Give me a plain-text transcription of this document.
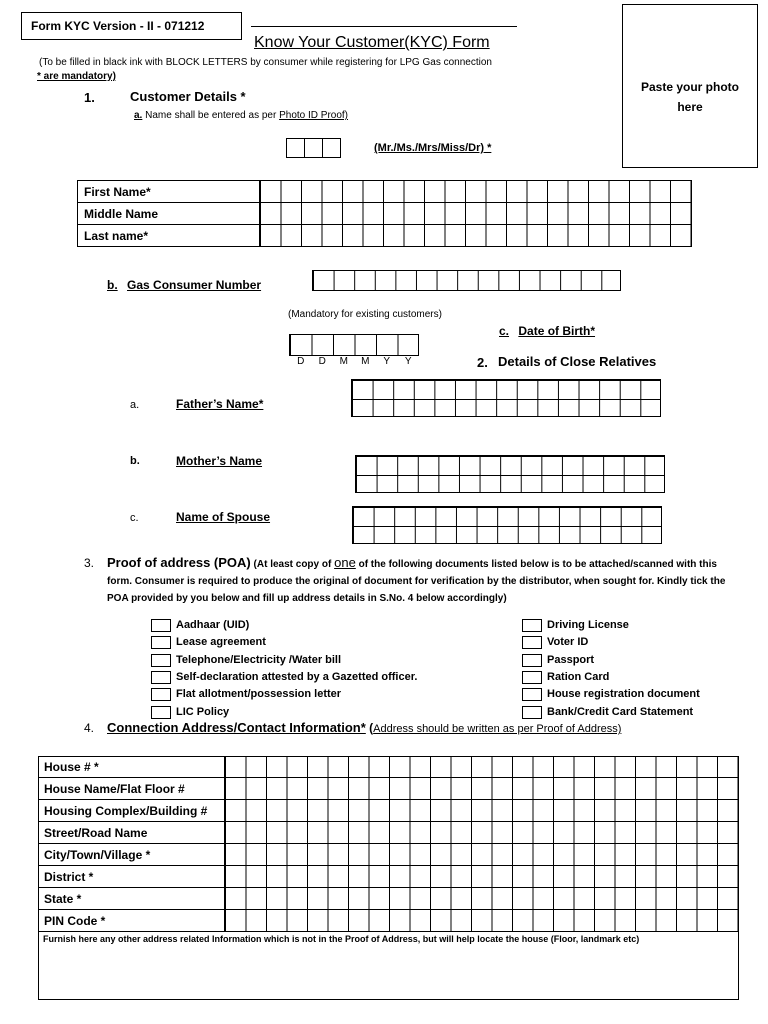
Form KYC Version - II - 071212
Know Your Customer(KYC) Form
(To be filled in black ink with BLOCK LETTERS by consumer while registering for LPG Gas connection
* are mandatory)
Paste your photo here
1.	Customer Details *
a. Name shall be entered as per Photo ID Proof)
(Mr./Ms./Mrs/Miss/Dr) *
First Name*	

Middle Name	

Last name*	
b. Gas Consumer Number
(Mandatory for existing customers)
c. Date of Birth*
D	D	M	M	Y	Y	2. Details of Close Relatives
a.	Father’s Name*
b.	Mother’s Name
c.	Name of Spouse
3. Proof of address (POA) (At least copy of one of the following documents listed below is to be attached/scanned with this form. Consumer is required to produce the original of document for verification by the distributor, when sought for. Kindly tick the POA provided by you below and fill up address details in S.No. 4 below accordingly)
Aadhaar (UID)
Lease agreement
Telephone/Electricity /Water bill
Self-declaration attested by a Gazetted officer.
Flat allotment/possession letter
LIC Policy
Driving License
Voter ID
Passport
Ration Card
House registration document
Bank/Credit Card Statement
4. Connection Address/Contact Information* (Address should be written as per Proof of Address)
House # *	

House Name/Flat Floor #	

Housing Complex/Building #	

Street/Road Name	

City/Town/Village *	

District *	

State *	

PIN Code *	

Furnish here any other address related Information which is not in the Proof of Address, but will help locate the house (Floor, landmark etc)	
